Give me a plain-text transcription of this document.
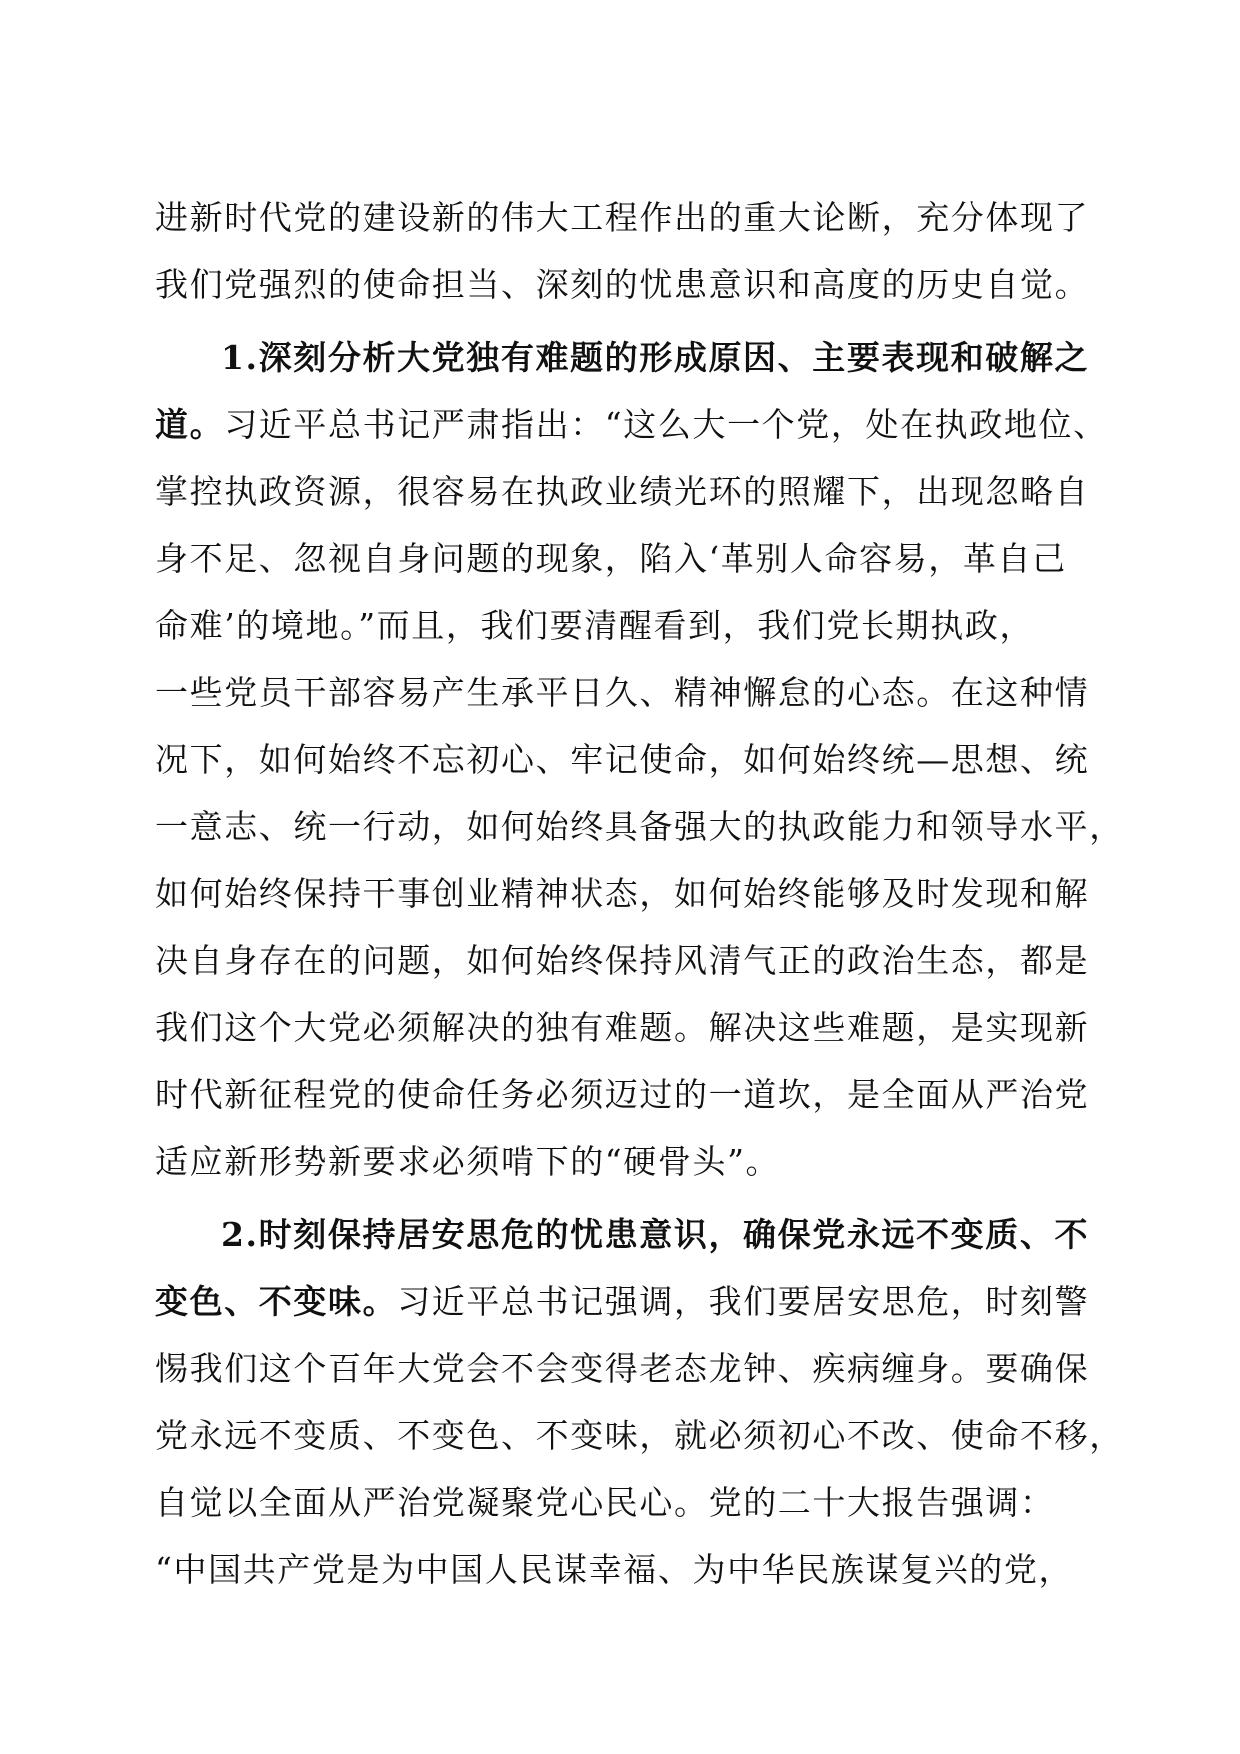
进新时代党的建设新的伟大工程作出的重大论断，充分体现了
我们党强烈的使命担当、深刻的忧患意识和高度的历史自觉。
1.深刻分析大党独有难题的形成原因、主要表现和破解之
道。习近平总书记严肃指出：“这么大一个党，处在执政地位、
掌控执政资源，很容易在执政业绩光环的照耀下，出现忽略自
身不足、忽视自身问题的现象，陷入‘革别人命容易，革自己
命难’的境地。”而且，我们要清醒看到，我们党长期执政，
一些党员干部容易产生承平日久、精神懈怠的心态。在这种情
况下，如何始终不忘初心、牢记使命，如何始终统—思想、统
一意志、统一行动，如何始终具备强大的执政能力和领导水平，
如何始终保持干事创业精神状态，如何始终能够及时发现和解
决自身存在的问题，如何始终保持风清气正的政治生态，都是
我们这个大党必须解决的独有难题。解决这些难题，是实现新
时代新征程党的使命任务必须迈过的一道坎，是全面从严治党
适应新形势新要求必须啃下的“硬骨头”。
2.时刻保持居安思危的忧患意识，确保党永远不变质、不
变色、不变味。习近平总书记强调，我们要居安思危，时刻警
惕我们这个百年大党会不会变得老态龙钟、疾病缠身。要确保
党永远不变质、不变色、不变味，就必须初心不改、使命不移，
自觉以全面从严治党凝聚党心民心。党的二十大报告强调：
“中国共产党是为中国人民谋幸福、为中华民族谋复兴的党，
